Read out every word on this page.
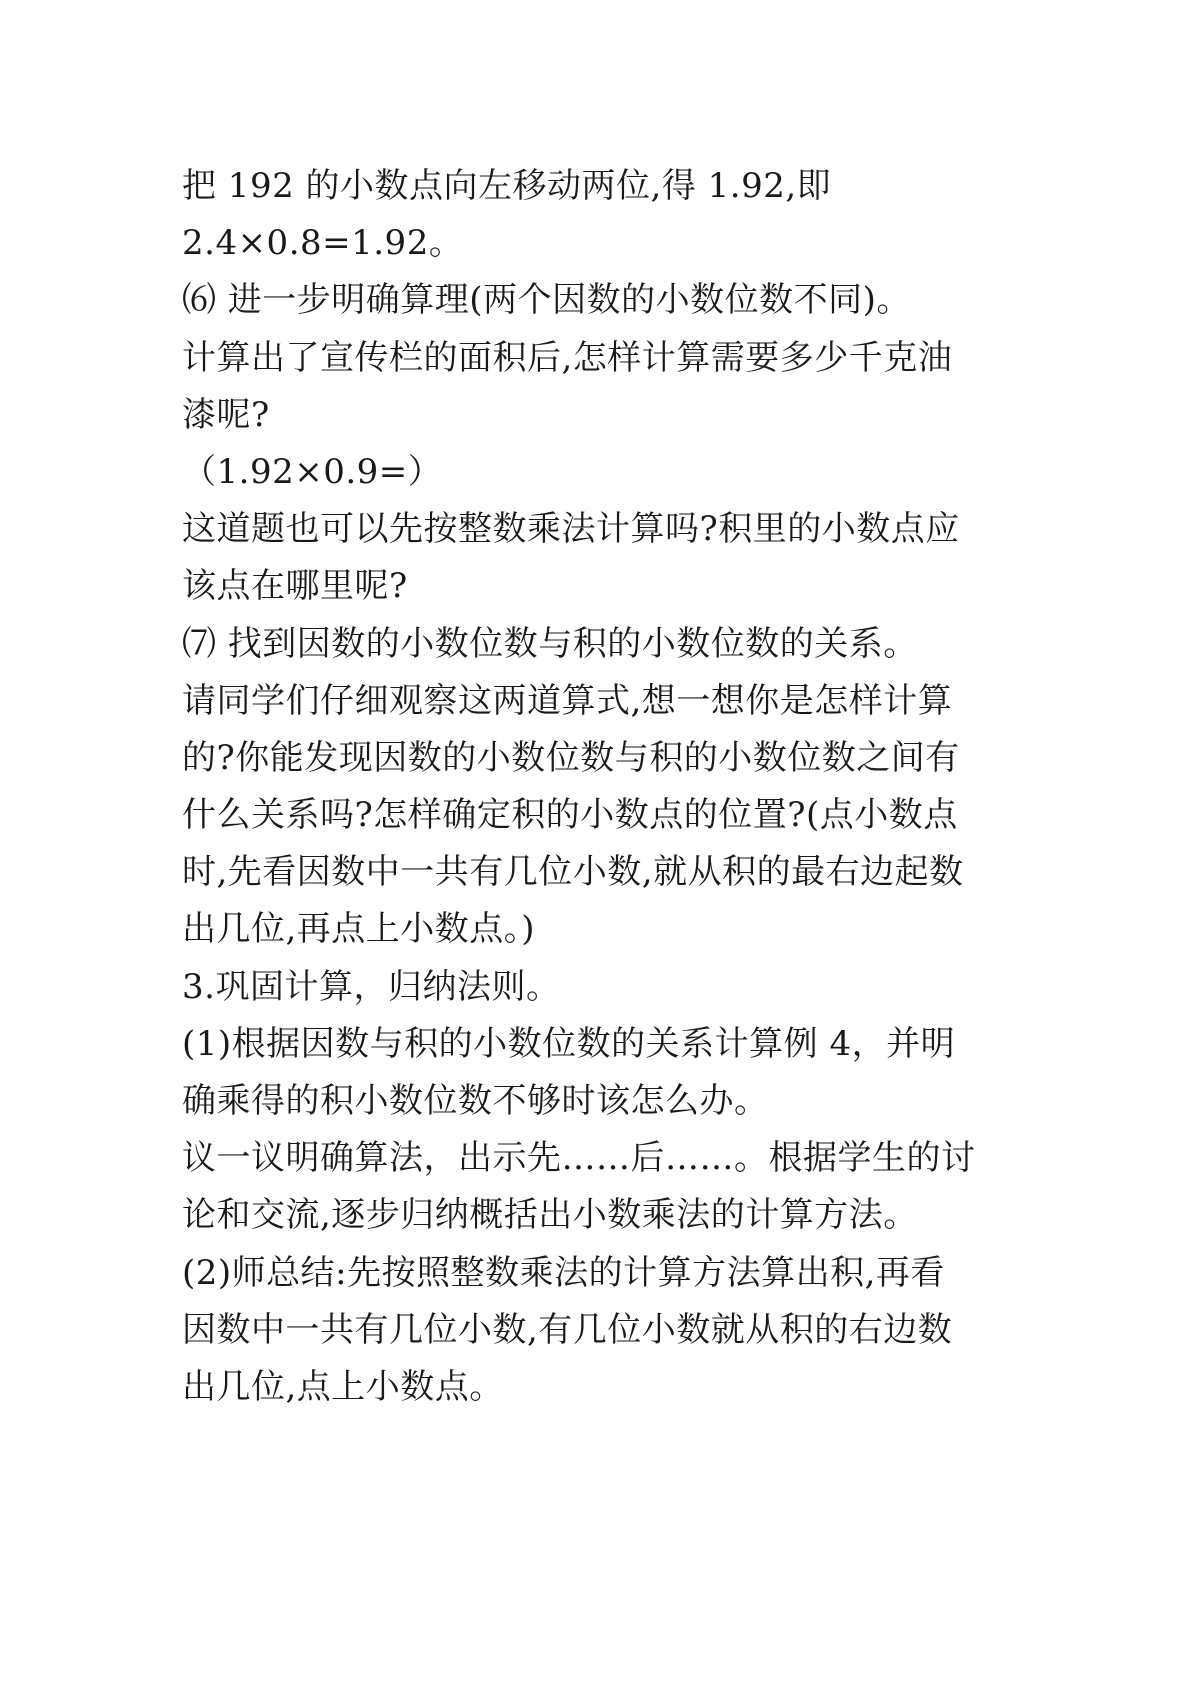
把 192 的小数点向左移动两位,得 1.92,即
2.4×0.8=1.92。
⑹ 进一步明确算理(两个因数的小数位数不同)。
计算出了宣传栏的面积后,怎样计算需要多少千克油
漆呢?
（1.92×0.9=）
这道题也可以先按整数乘法计算吗?积里的小数点应
该点在哪里呢?
⑺ 找到因数的小数位数与积的小数位数的关系。
请同学们仔细观察这两道算式,想一想你是怎样计算
的?你能发现因数的小数位数与积的小数位数之间有
什么关系吗?怎样确定积的小数点的位置?(点小数点
时,先看因数中一共有几位小数,就从积的最右边起数
出几位,再点上小数点。)
3.巩固计算，归纳法则。
(1)根据因数与积的小数位数的关系计算例 4，并明
确乘得的积小数位数不够时该怎么办。
议一议明确算法，出示先……后……。根据学生的讨
论和交流,逐步归纳概括出小数乘法的计算方法。
(2)师总结:先按照整数乘法的计算方法算出积,再看
因数中一共有几位小数,有几位小数就从积的右边数
出几位,点上小数点。
